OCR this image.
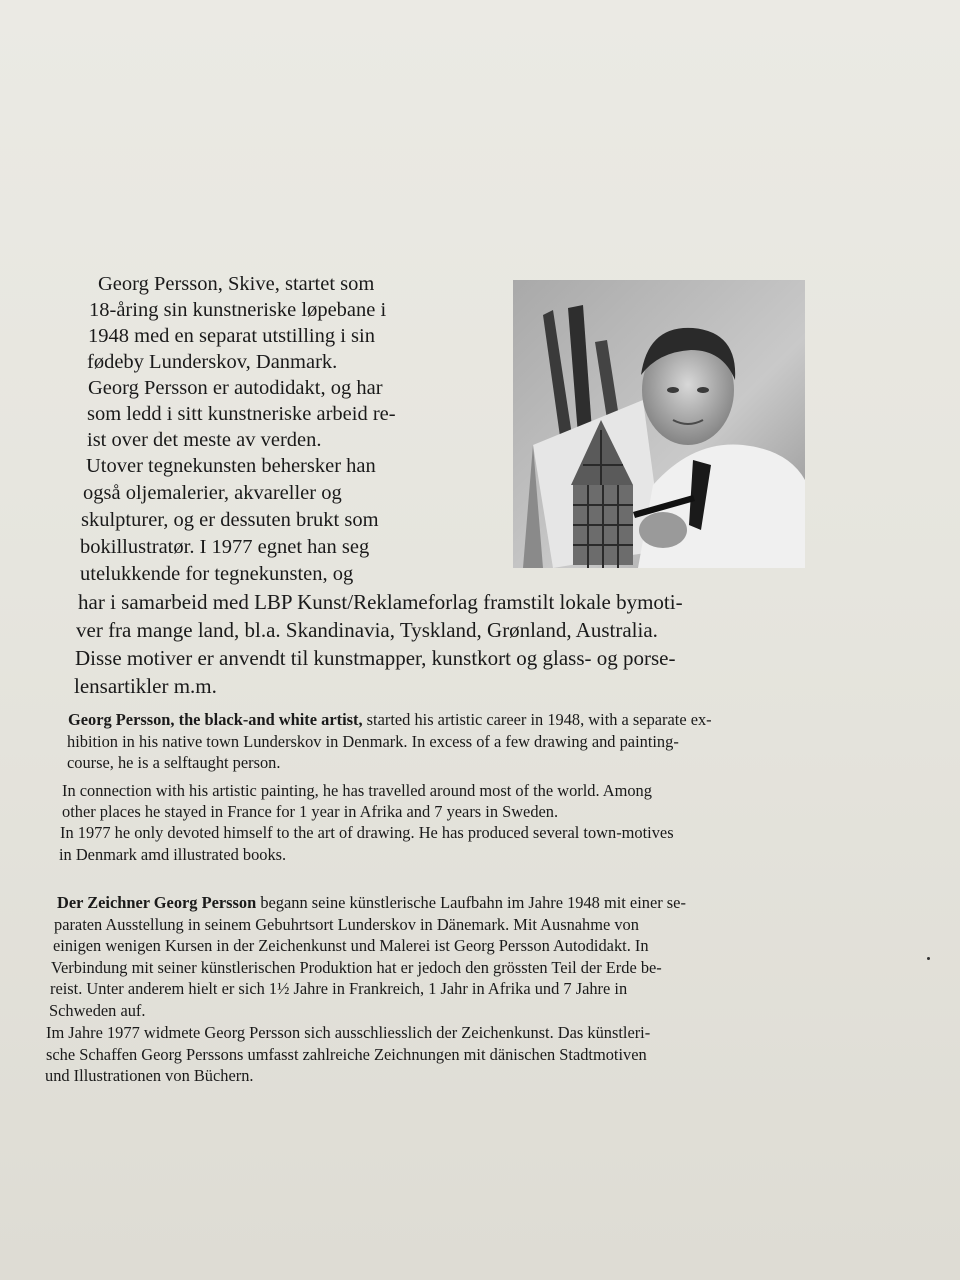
Georg Persson, Skive, startet som
18-åring sin kunstneriske løpebane i
1948 med en separat utstilling i sin
fødeby Lunderskov, Danmark.
Georg Persson er autodidakt, og har
som ledd i sitt kunstneriske arbeid re-
ist over det meste av verden.
Utover tegnekunsten behersker han
også oljemalerier, akvareller og
skulpturer, og er dessuten brukt som
bokillustratør. I 1977 egnet han seg
utelukkende for tegnekunsten, og
har i samarbeid med LBP Kunst/Reklameforlag framstilt lokale bymoti-
ver fra mange land, bl.a. Skandinavia, Tyskland, Grønland, Australia.
Disse motiver er anvendt til kunstmapper, kunstkort og glass- og porse-
lensartikler m.m.
Georg Persson, the black-and white artist, started his artistic career in 1948, with a separate ex-
hibition in his native town Lunderskov in Denmark. In excess of a few drawing and painting-
course, he is a selftaught person.
In connection with his artistic painting, he has travelled around most of the world. Among
other places he stayed in France for 1 year in Afrika and 7 years in Sweden.
In 1977 he only devoted himself to the art of drawing. He has produced several town-motives
in Denmark amd illustrated books.
Der Zeichner Georg Persson begann seine künstlerische Laufbahn im Jahre 1948 mit einer se-
paraten Ausstellung in seinem Gebuhrtsort Lunderskov in Dänemark. Mit Ausnahme von
einigen wenigen Kursen in der Zeichenkunst und Malerei ist Georg Persson Autodidakt. In
Verbindung mit seiner künstlerischen Produktion hat er jedoch den grössten Teil der Erde be-
reist. Unter anderem hielt er sich 1½ Jahre in Frankreich, 1 Jahr in Afrika und 7 Jahre in
Schweden auf.
Im Jahre 1977 widmete Georg Persson sich ausschliesslich der Zeichenkunst. Das künstleri-
sche Schaffen Georg Perssons umfasst zahlreiche Zeichnungen mit dänischen Stadtmotiven
und Illustrationen von Büchern.
